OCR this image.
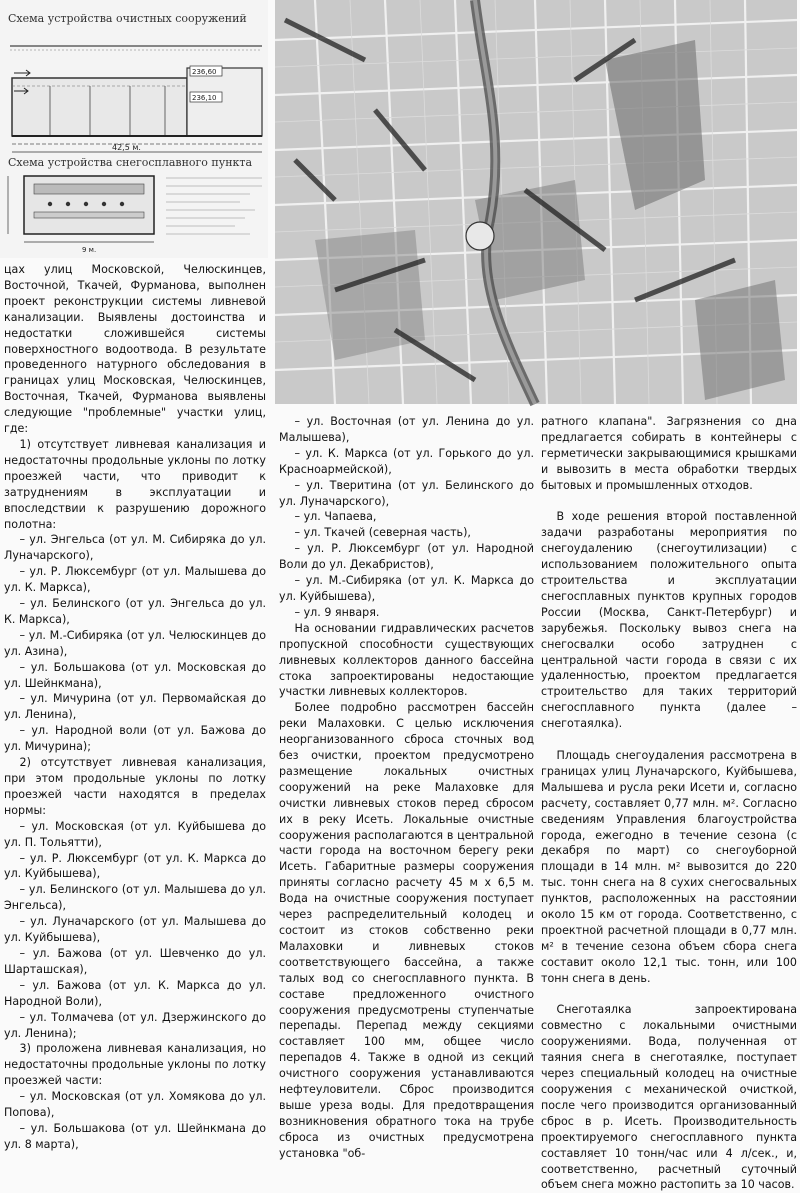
Схема устройства очистных сооружений
236,60
236,10
42,5 м.
Схема устройства снегосплавного пункта
9 м.

цах улиц Московской, Челюскинцев, Восточной, Ткачей, Фурманова, выполнен проект реконструкции системы ливневой канализации. Выявлены достоинства и недостатки сложившейся системы поверхностного водоотвода. В результате проведенного натурного обследования в границах улиц Московская, Челюскинцев, Восточная, Ткачей, Фурманова выявлены следующие "проблемные" участки улиц, где:

1) отсутствует ливневая канализация и недостаточны продольные уклоны по лотку проезжей части, что приводит к затруднениям в эксплуатации и впоследствии к разрушению дорожного полотна:

– ул. Энгельса (от ул. М. Сибиряка до ул. Луначарского),

– ул. Р. Люксембург (от ул. Малышева до ул. К. Маркса),

– ул. Белинского (от ул. Энгельса до ул. К. Маркса),

– ул. М.-Сибиряка (от ул. Челюскинцев до ул. Азина),

– ул. Большакова (от ул. Московская до ул. Шейнкмана),

– ул. Мичурина (от ул. Первомайская до ул. Ленина),

– ул. Народной воли (от ул. Бажова до ул. Мичурина);

2) отсутствует ливневая канализация, при этом продольные уклоны по лотку проезжей части находятся в пределах нормы:

– ул. Московская (от ул. Куйбышева до ул. П. Тольятти),

– ул. Р. Люксембург (от ул. К. Маркса до ул. Куйбышева),

– ул. Белинского (от ул. Малышева до ул. Энгельса),

– ул. Луначарского (от ул. Малышева до ул. Куйбышева),

– ул. Бажова (от ул. Шевченко до ул. Шарташская),

– ул. Бажова (от ул. К. Маркса до ул. Народной Воли),

– ул. Толмачева (от ул. Дзержинского до ул. Ленина);

3) проложена ливневая канализация, но недостаточны продольные уклоны по лотку проезжей части:

– ул. Московская (от ул. Хомякова до ул. Попова),

– ул. Большакова (от ул. Шейнкмана до ул. 8 марта),

– ул. Восточная (от ул. Ленина до ул. Малышева),

– ул. К. Маркса (от ул. Горького до ул. Красноармейской),

– ул. Тверитина (от ул. Белинского до ул. Луначарского),

– ул. Чапаева,

– ул. Ткачей (северная часть),

– ул. Р. Люксембург (от ул. Народной Воли до ул. Декабристов),

– ул. М.-Сибиряка (от ул. К. Маркса до ул. Куйбышева),

– ул. 9 января.

На основании гидравлических расчетов пропускной способности существующих ливневых коллекторов данного бассейна стока запроектированы недостающие участки ливневых коллекторов.

Более подробно рассмотрен бассейн реки Малаховки. С целью исключения неорганизованного сброса сточных вод без очистки, проектом предусмотрено размещение локальных очистных сооружений на реке Малаховке для очистки ливневых стоков перед сбросом их в реку Исеть. Локальные очистные сооружения располагаются в центральной части города на восточном берегу реки Исеть. Габаритные размеры сооружения приняты согласно расчету 45 м х 6,5 м. Вода на очистные сооружения поступает через распределительный колодец и состоит из стоков собственно реки Малаховки и ливневых стоков соответствующего бассейна, а также талых вод со снегосплавного пункта. В составе предложенного очистного сооружения предусмотрены ступенчатые перепады. Перепад между секциями составляет 100 мм, общее число перепадов 4. Также в одной из секций очистного сооружения устанавливаются нефтеуловители. Сброс производится выше уреза воды. Для предотвращения возникновения обратного тока на трубе сброса из очистных предусмотрена установка "об-

ратного клапана". Загрязнения со дна предлагается собирать в контейнеры с герметически закрывающимися крышками и вывозить в места обработки твердых бытовых и промышленных отходов.

В ходе решения второй поставленной задачи разработаны мероприятия по снегоудалению (снегоутилизации) с использованием положительного опыта строительства и эксплуатации снегосплавных пунктов крупных городов России (Москва, Санкт-Петербург) и зарубежья. Поскольку вывоз снега на снегосвалки особо затруднен с центральной части города в связи с их удаленностью, проектом предлагается строительство для таких территорий снегосплавного пункта (далее – снеготаялка).

Площадь снегоудаления рассмотрена в границах улиц Луначарского, Куйбышева, Малышева и русла реки Исети и, согласно расчету, составляет 0,77 млн. м². Согласно сведениям Управления благоустройства города, ежегодно в течение сезона (с декабря по март) со снегоуборной площади в 14 млн. м² вывозится до 220 тыс. тонн снега на 8 сухих снегосвальных пунктов, расположенных на расстоянии около 15 км от города. Соответственно, с проектной расчетной площади в 0,77 млн. м² в течение сезона объем сбора снега составит около 12,1 тыс. тонн, или 100 тонн снега в день.

Снеготаялка запроектирована совместно с локальными очистными сооружениями. Вода, полученная от таяния снега в снеготаялке, поступает через специальный колодец на очистные сооружения с механической очисткой, после чего производится организованный сброс в р. Исеть. Производительность проектируемого снегосплавного пункта составляет 10 тонн/час или 4 л/сек., и, соответственно, расчетный суточный объем снега можно растопить за 10 часов.
